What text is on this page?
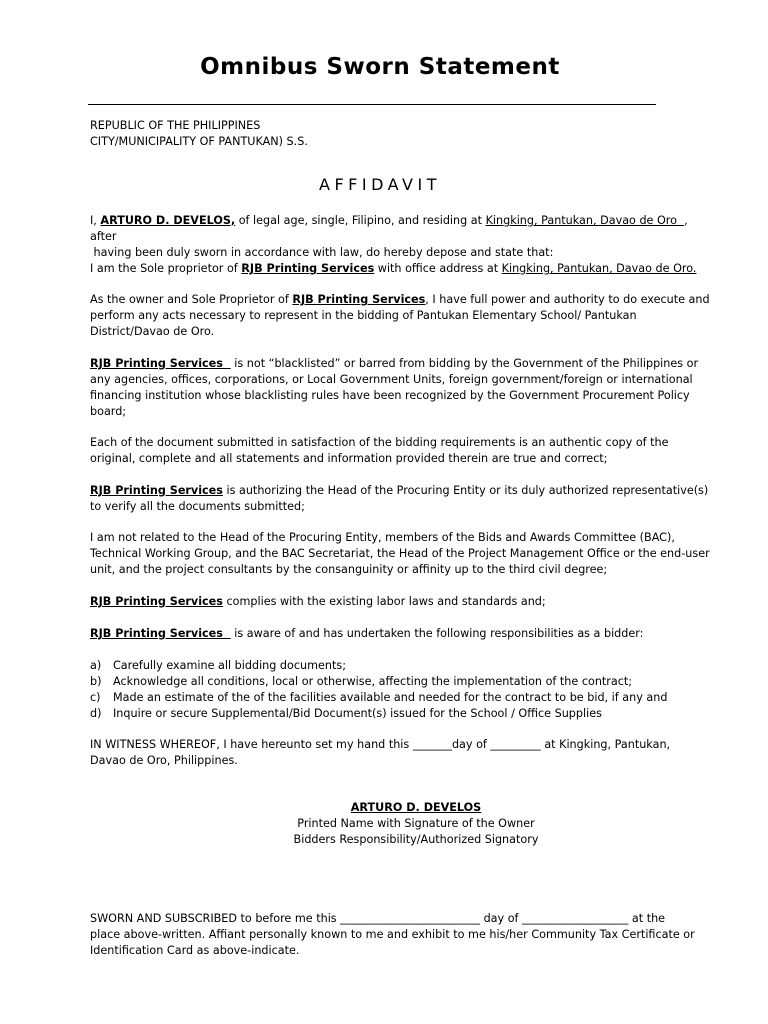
Omnibus Sworn Statement
REPUBLIC OF THE PHILIPPINES
CITY/MUNICIPALITY OF PANTUKAN) S.S.
AFFIDAVIT
I, ARTURO D. DEVELOS, of legal age, single, Filipino, and residing at Kingking, Pantukan, Davao de Oro  , after
having been duly sworn in accordance with law, do hereby depose and state that:
I am the Sole proprietor of RJB Printing Services with office address at Kingking, Pantukan, Davao de Oro.
As the owner and Sole Proprietor of RJB Printing Services, I have full power and authority to do execute and perform any acts necessary to represent in the bidding of Pantukan Elementary School/ Pantukan District/Davao de Oro.
RJB Printing Services   is not “blacklisted” or barred from bidding by the Government of the Philippines or any agencies, offices, corporations, or Local Government Units, foreign government/foreign or international financing institution whose blacklisting rules have been recognized by the Government Procurement Policy board;
Each of the document submitted in satisfaction of the bidding requirements is an authentic copy of the original, complete and all statements and information provided therein are true and correct;
RJB Printing Services is authorizing the Head of the Procuring Entity or its duly authorized representative(s) to verify all the documents submitted;
I am not related to the Head of the Procuring Entity, members of the Bids and Awards Committee (BAC), Technical Working Group, and the BAC Secretariat, the Head of the Project Management Office or the end-user unit, and the project consultants by the consanguinity or affinity up to the third civil degree;
RJB Printing Services complies with the existing labor laws and standards and;
RJB Printing Services   is aware of and has undertaken the following responsibilities as a bidder:
a)	Carefully examine all bidding documents;
b)	Acknowledge all conditions, local or otherwise, affecting the implementation of the contract;
c)	Made an estimate of the of the facilities available and needed for the contract to be bid, if any and
d)	Inquire or secure Supplemental/Bid Document(s) issued for the School / Office Supplies
IN WITNESS WHEREOF, I have hereunto set my hand this _______day of _________ at Kingking, Pantukan,
Davao de Oro, Philippines.
ARTURO D. DEVELOS
Printed Name with Signature of the Owner
Bidders Responsibility/Authorized Signatory
SWORN AND SUBSCRIBED to before me this _________________________ day of ___________________ at the
place above-written. Affiant personally known to me and exhibit to me his/her Community Tax Certificate or
Identification Card as above-indicate.
